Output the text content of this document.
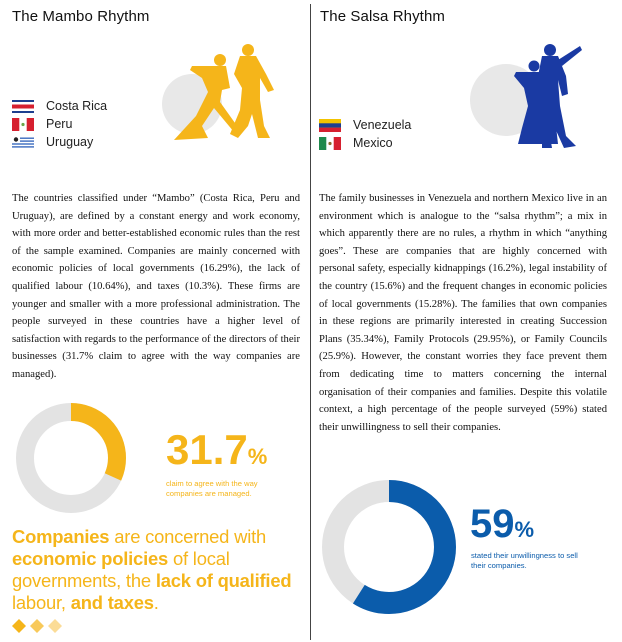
The Mambo Rhythm
Costa Rica
Peru
Uruguay
The countries classified under “Mambo” (Costa Rica, Peru and Uruguay), are defined by a constant energy and work economy, with more order and better-established economic rules than the rest of the sample examined. Companies are mainly concerned with economic policies of local governments (16.29%), the lack of qualified labour (10.64%), and taxes (10.3%). These firms are younger and smaller with a more professional administration. The people surveyed in these countries have a higher level of satisfaction with regards to the performance of the directors of their businesses (31.7% claim to agree with the way companies are managed).
31.7%
claim to agree with the way companies are managed.
Companies are concerned with economic policies of local governments, the lack of qualified labour, and taxes.
The Salsa Rhythm
Venezuela
Mexico
The family businesses in Venezuela and northern Mexico live in an environment which is analogue to the “salsa rhythm”; a mix in which apparently there are no rules, a rhythm in which “anything goes”. These are companies that are highly concerned with personal safety, especially kidnappings (16.2%), legal instability of the country (15.6%) and the frequent changes in economic policies of local governments (15.28%). The families that own companies in these regions are primarily interested in creating Succession Plans (35.34%), Family Protocols (29.95%), or Family Councils (25.9%). However, the constant worries they face prevent them from dedicating time to matters concerning the internal organisation of their companies and families. Despite this volatile context, a high percentage of the people surveyed (59%) stated their unwillingness to sell their companies.
59%
stated their unwillingness to sell their companies.
